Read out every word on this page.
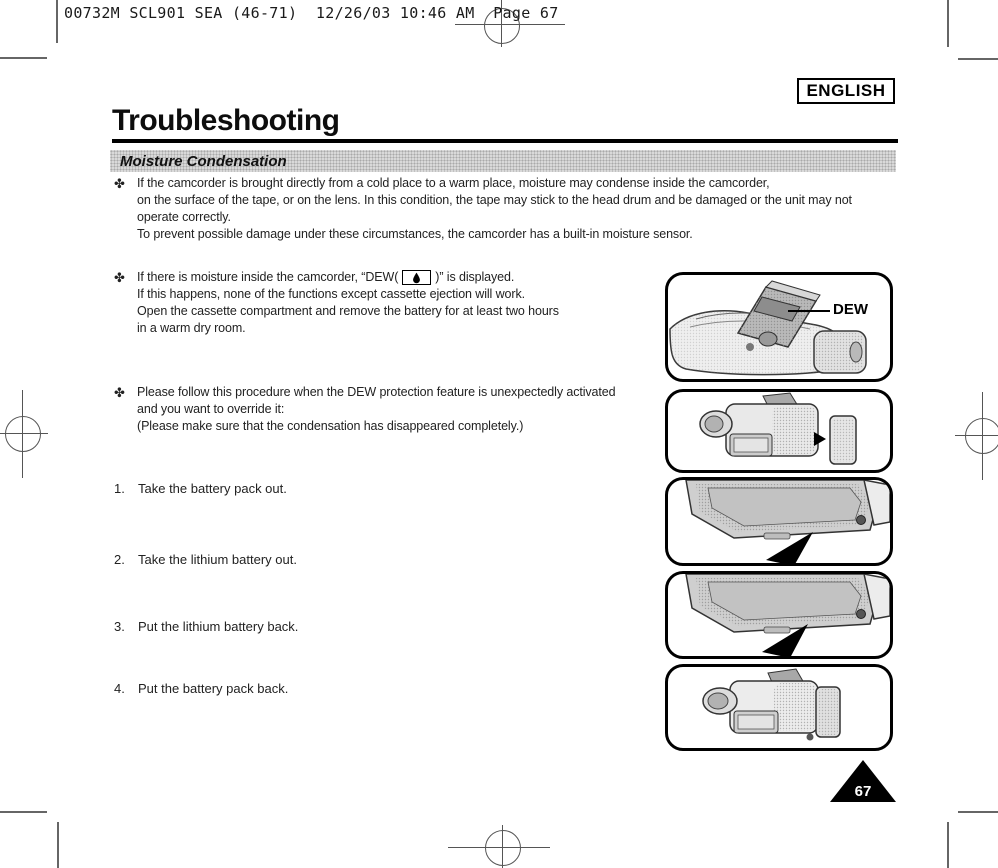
00732M SCL901 SEA (46-71)  12/26/03 10:46 AM  Page 67
ENGLISH
Troubleshooting
Moisture Condensation
✤ If the camcorder is brought directly from a cold place to a warm place, moisture may condense inside the camcorder,
on the surface of the tape, or on the lens. In this condition, the tape may stick to the head drum and be damaged or the unit may not
operate correctly.
To prevent possible damage under these circumstances, the camcorder has a built-in moisture sensor.
✤ If there is moisture inside the camcorder, “DEW(	)” is displayed.
If this happens, none of the functions except cassette ejection will work.
Open the cassette compartment and remove the battery for at least two hours
in a warm dry room.
✤ Please follow this procedure when the DEW protection feature is unexpectedly activated
and you want to override it:
(Please make sure that the condensation has disappeared completely.)
1.	Take the battery pack out.
2.	Take the lithium battery out.
3.	Put the lithium battery back.
4.	Put the battery pack back.
DEW
67
